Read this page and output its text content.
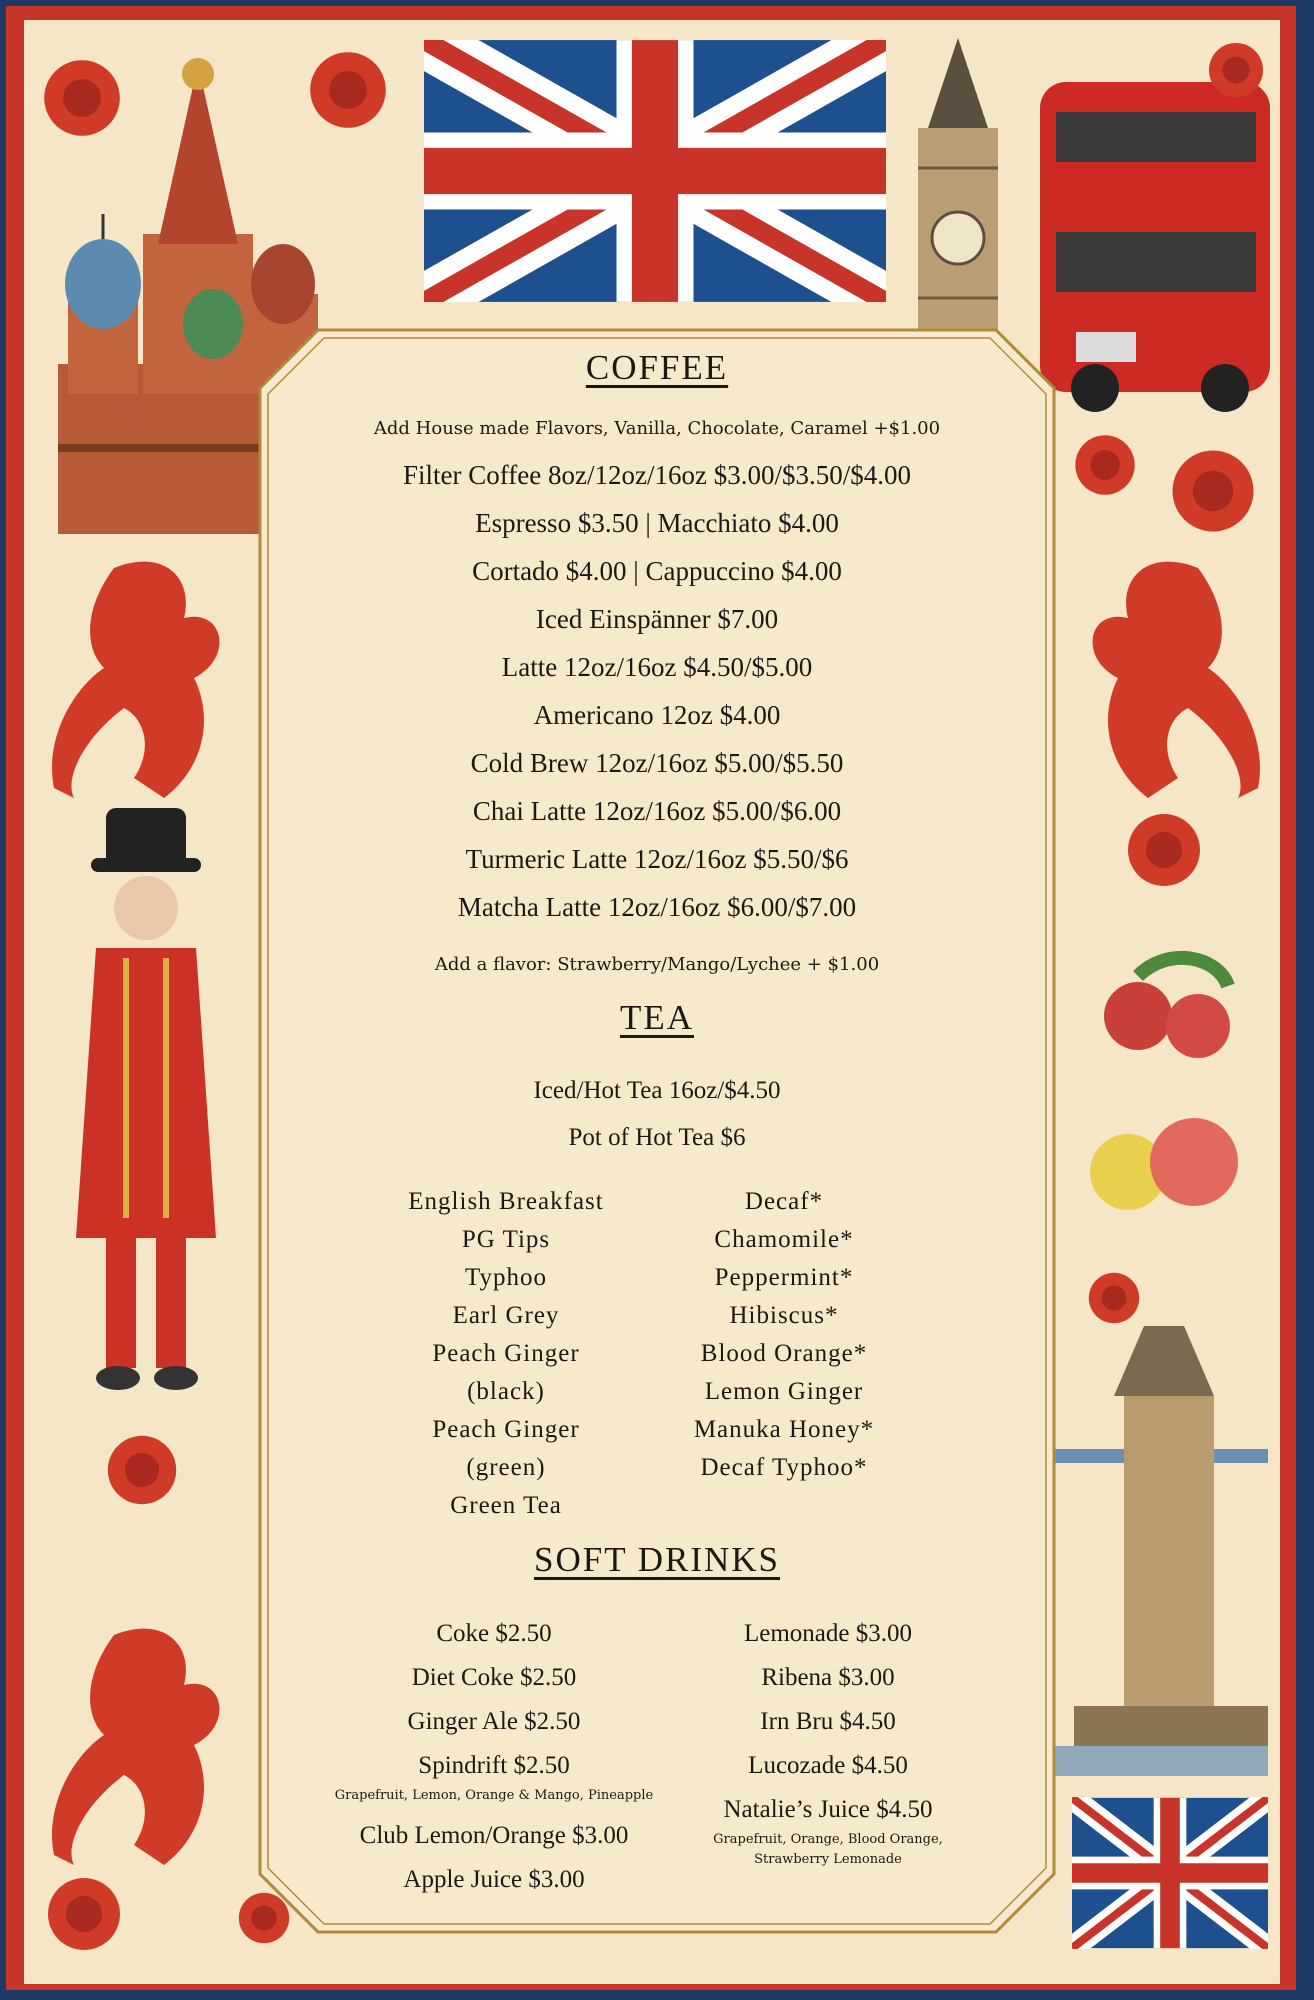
COFFEE
Add House made Flavors, Vanilla, Chocolate, Caramel +$1.00
Filter Coffee 8oz/12oz/16oz $3.00/$3.50/$4.00
Espresso $3.50 | Macchiato $4.00
Cortado $4.00 | Cappuccino $4.00
Iced Einspänner $7.00
Latte 12oz/16oz $4.50/$5.00
Americano 12oz $4.00
Cold Brew 12oz/16oz $5.00/$5.50
Chai Latte 12oz/16oz $5.00/$6.00
Turmeric Latte 12oz/16oz $5.50/$6
Matcha Latte 12oz/16oz $6.00/$7.00
Add a flavor: Strawberry/Mango/Lychee + $1.00
TEA
Iced/Hot Tea 16oz/$4.50
Pot of Hot Tea $6
English Breakfast
PG Tips
Typhoo
Earl Grey
Peach Ginger
(black)
Peach Ginger
(green)
Green Tea
Decaf*
Chamomile*
Peppermint*
Hibiscus*
Blood Orange*
Lemon Ginger
Manuka Honey*
Decaf Typhoo*
SOFT DRINKS
Coke $2.50
Diet Coke $2.50
Ginger Ale $2.50
Spindrift $2.50
Grapefruit, Lemon, Orange & Mango, Pineapple
Club Lemon/Orange $3.00
Apple Juice $3.00
Lemonade $3.00
Ribena $3.00
Irn Bru $4.50
Lucozade $4.50
Natalie’s Juice $4.50
Grapefruit, Orange, Blood Orange,
Strawberry Lemonade
